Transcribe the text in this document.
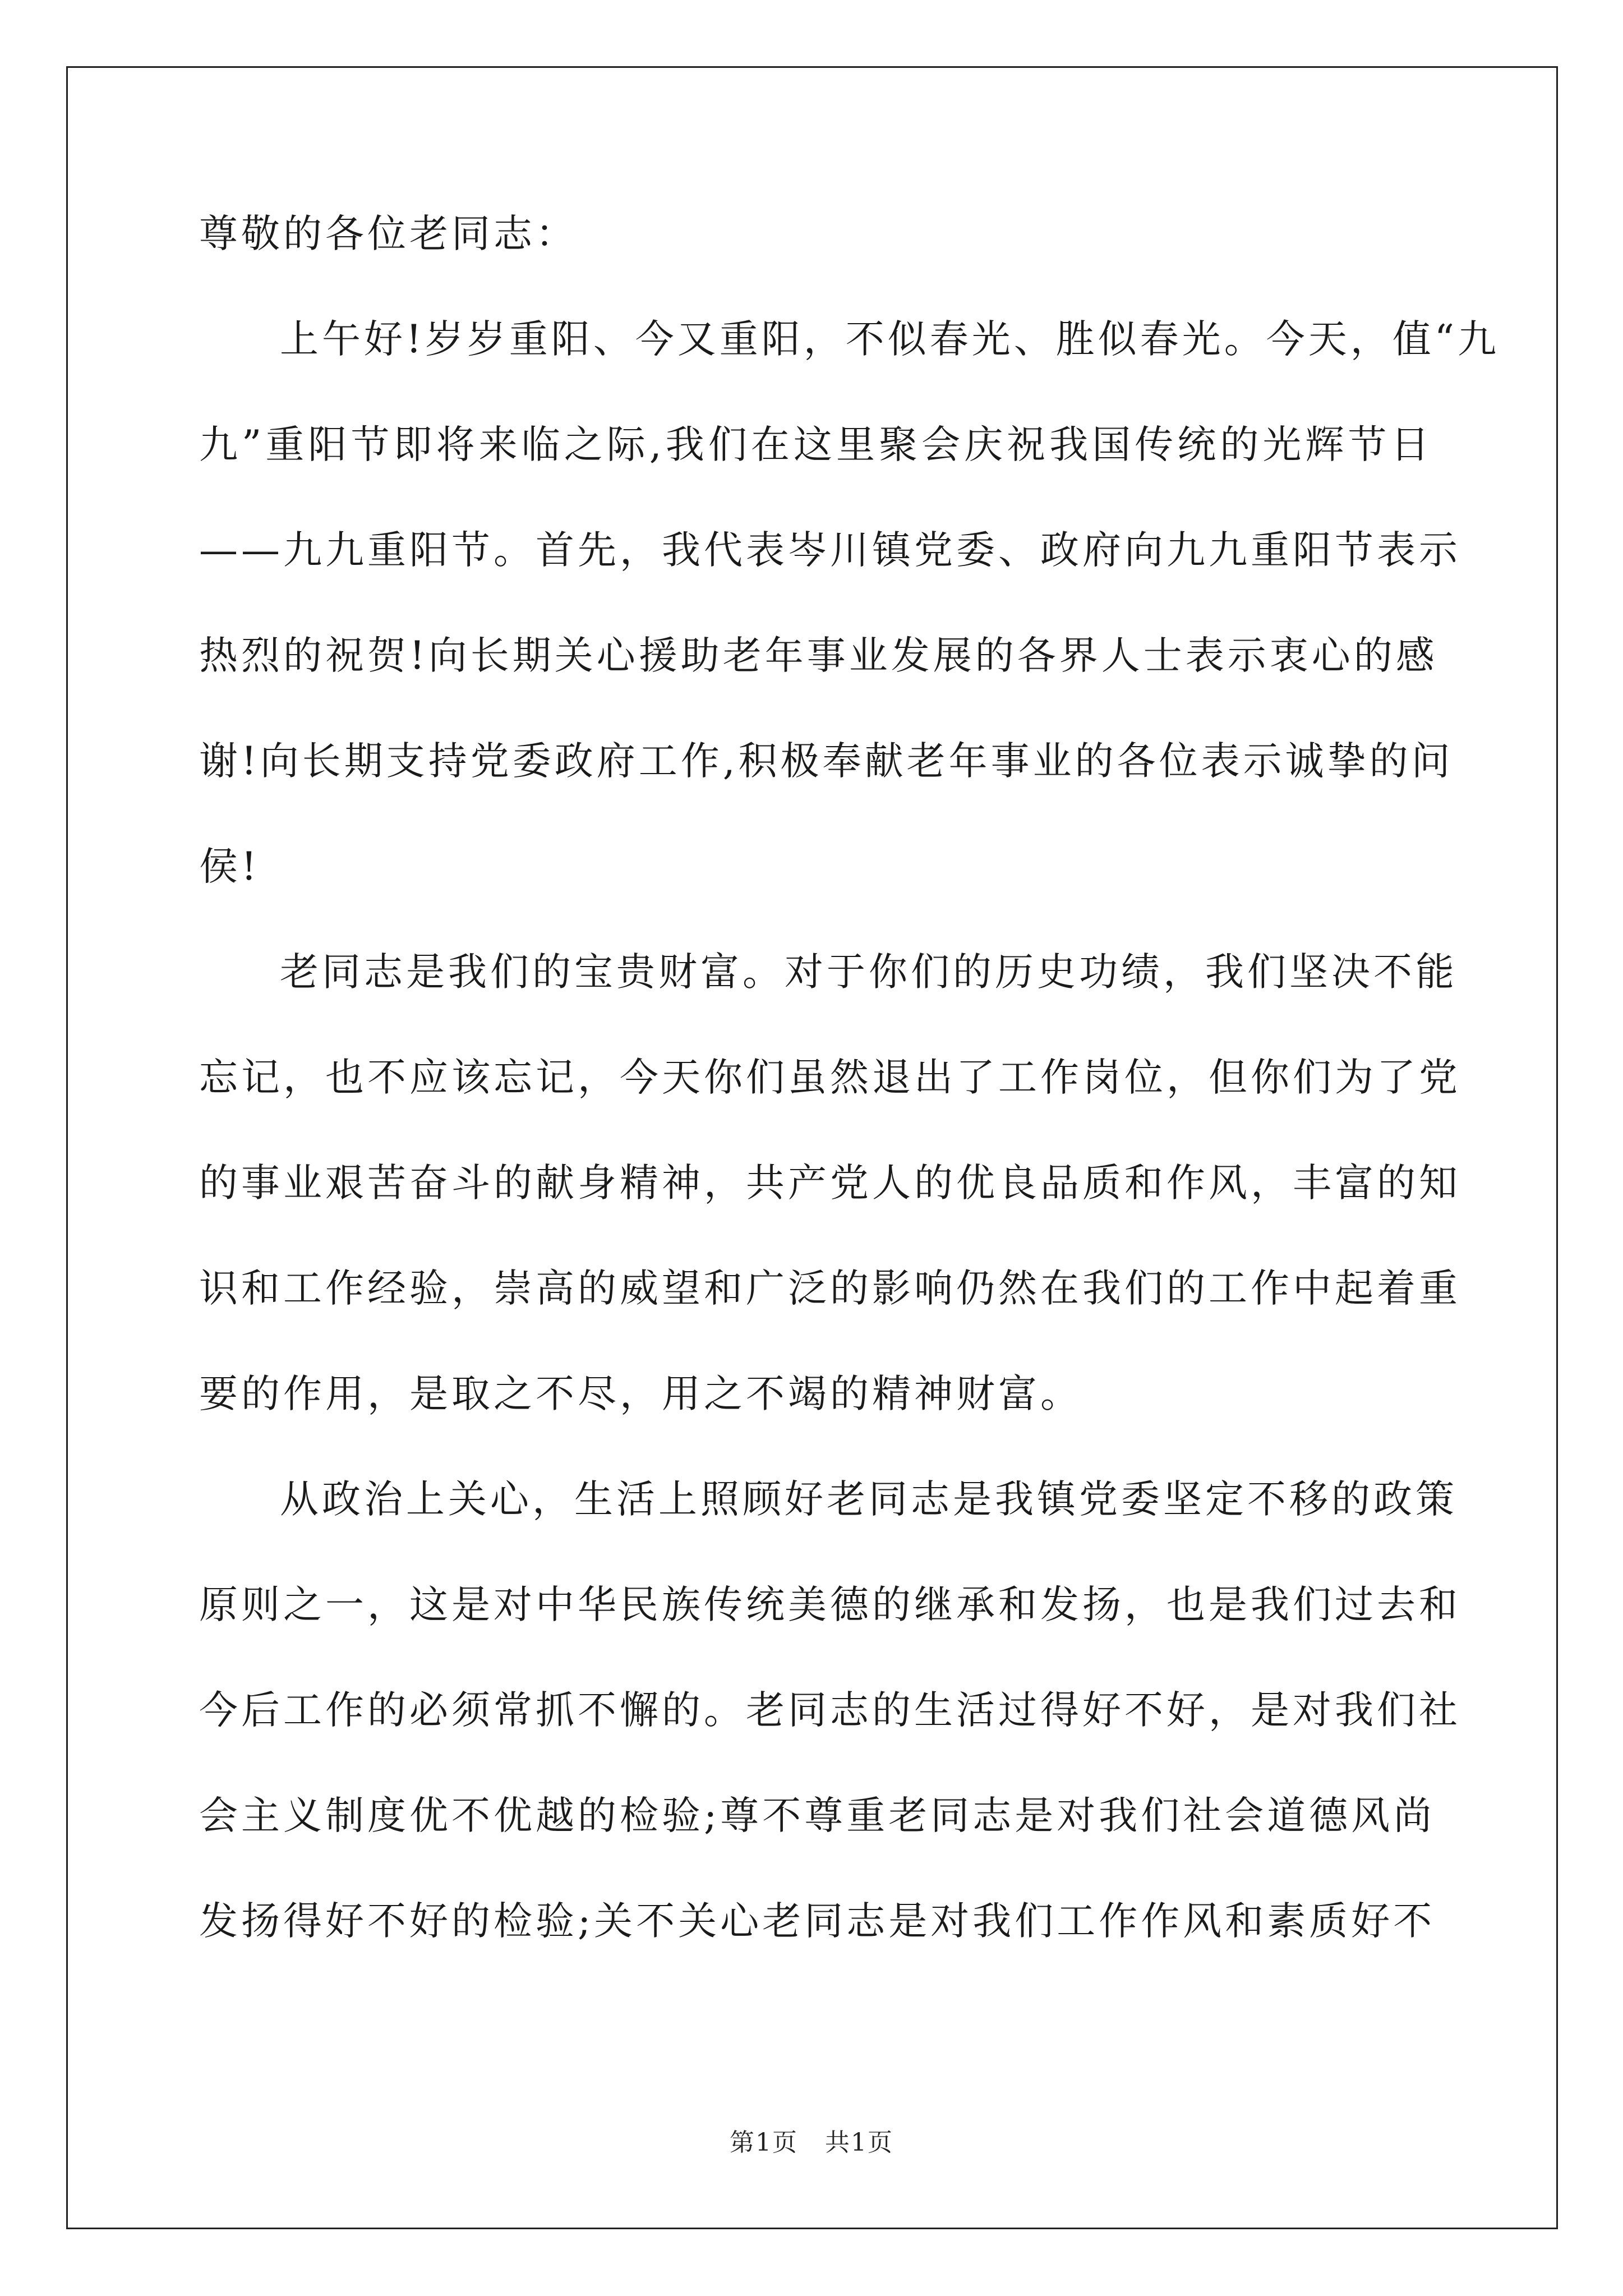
尊敬的各位老同志：
上 午 好 ! 岁 岁 重 阳 、 今 又 重 阳 ， 不 似 春 光 、 胜 似 春 光 。 今 天 ， 值 “ 九
九 ” 重 阳 节 即 将 来 临 之 际 , 我 们 在 这 里 聚 会 庆 祝 我 国 传 统 的 光 辉 节 日
— — 九 九 重 阳 节 。 首 先 ， 我 代 表 岑 川 镇 党 委 、 政 府 向 九 九 重 阳 节 表 示
热 烈 的 祝 贺 ! 向 长 期 关 心 援 助 老 年 事 业 发 展 的 各 界 人 士 表 示 衷 心 的 感
谢 ! 向 长 期 支 持 党 委 政 府 工 作 , 积 极 奉 献 老 年 事 业 的 各 位 表 示 诚 挚 的 问
侯!
老 同 志 是 我 们 的 宝 贵 财 富 。 对 于 你 们 的 历 史 功 绩 ， 我 们 坚 决 不 能
忘 记 ， 也 不 应 该 忘 记 ， 今 天 你 们 虽 然 退 出 了 工 作 岗 位 ， 但 你 们 为 了 党
的 事 业 艰 苦 奋 斗 的 献 身 精 神 ， 共 产 党 人 的 优 良 品 质 和 作 风 ， 丰 富 的 知
识 和 工 作 经 验 ， 崇 高 的 威 望 和 广 泛 的 影 响 仍 然 在 我 们 的 工 作 中 起 着 重
要的作用，是取之不尽，用之不竭的精神财富。
从 政 治 上 关 心 ， 生 活 上 照 顾 好 老 同 志 是 我 镇 党 委 坚 定 不 移 的 政 策
原 则 之 一 ， 这 是 对 中 华 民 族 传 统 美 德 的 继 承 和 发 扬 ， 也 是 我 们 过 去 和
今 后 工 作 的 必 须 常 抓 不 懈 的 。 老 同 志 的 生 活 过 得 好 不 好 ， 是 对 我 们 社
会 主 义 制 度 优 不 优 越 的 检 验 ; 尊 不 尊 重 老 同 志 是 对 我 们 社 会 道 德 风 尚
发扬得好不好的检验;关不关心老同志是对我们工作作风和素质好不
第1页 共1页
